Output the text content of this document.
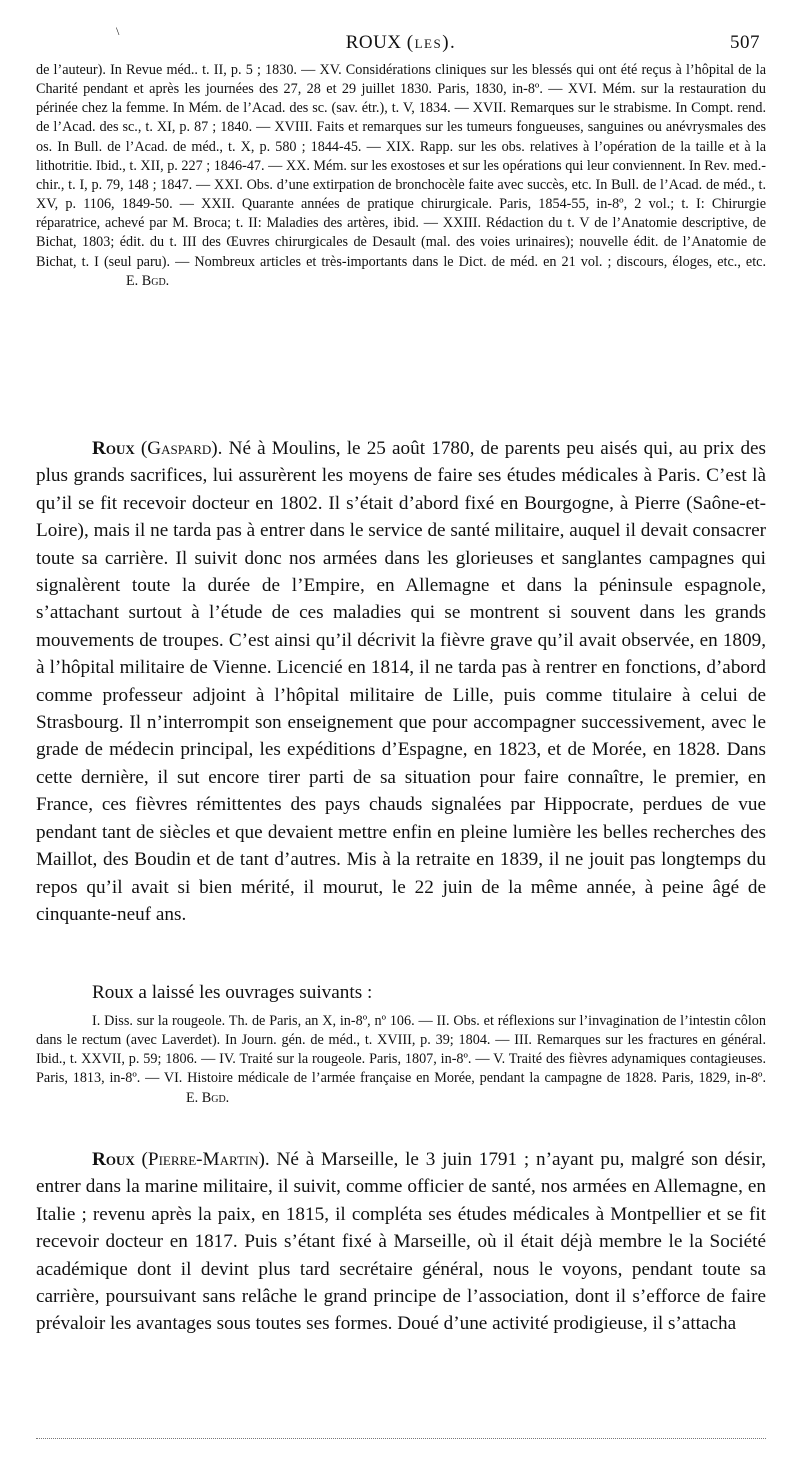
\
ROUX (les).	507

de l’auteur). In Revue méd.. t. II, p. 5 ; 1830. — XV. Considérations cliniques sur les blessés qui ont été reçus à l’hôpital de la Charité pendant et après les journées des 27, 28 et 29 juillet 1830. Paris, 1830, in-8º. — XVI. Mém. sur la restauration du périnée chez la femme. In Mém. de l’Acad. des sc. (sav. étr.), t. V, 1834. — XVII. Remarques sur le strabisme. In Compt. rend. de l’Acad. des sc., t. XI, p. 87 ; 1840. — XVIII. Faits et remarques sur les tumeurs fongueuses, sanguines ou anévrysmales des os. In Bull. de l’Acad. de méd., t. X, p. 580 ; 1844-45. — XIX. Rapp. sur les obs. relatives à l’opération de la taille et à la lithotritie. Ibid., t. XII, p. 227 ; 1846-47. — XX. Mém. sur les exostoses et sur les opérations qui leur conviennent. In Rev. med.-chir., t. I, p. 79, 148 ; 1847. — XXI. Obs. d’une extirpation de bronchocèle faite avec succès, etc. In Bull. de l’Acad. de méd., t. XV, p. 1106, 1849-50. — XXII. Quarante années de pratique chirurgicale. Paris, 1854-55, in-8º, 2 vol.; t. I: Chirurgie réparatrice, achevé par M. Broca; t. II: Maladies des artères, ibid. — XXIII. Rédaction du t. V de l’Anatomie descriptive, de Bichat, 1803; édit. du t. III des Œuvres chirurgicales de Desault (mal. des voies urinaires); nouvelle édit. de l’Anatomie de Bichat, t. I (seul paru). — Nombreux articles et très-importants dans le Dict. de méd. en 21 vol. ; discours, éloges, etc., etc. E. Bgd.

Roux (Gaspard). Né à Moulins, le 25 août 1780, de parents peu aisés qui, au prix des plus grands sacrifices, lui assurèrent les moyens de faire ses études médicales à Paris. C’est là qu’il se fit recevoir docteur en 1802. Il s’était d’abord fixé en Bourgogne, à Pierre (Saône-et-Loire), mais il ne tarda pas à entrer dans le service de santé militaire, auquel il devait consacrer toute sa carrière. Il suivit donc nos armées dans les glorieuses et sanglantes campagnes qui signalèrent toute la durée de l’Empire, en Allemagne et dans la péninsule espagnole, s’attachant surtout à l’étude de ces maladies qui se montrent si souvent dans les grands mouvements de troupes. C’est ainsi qu’il décrivit la fièvre grave qu’il avait observée, en 1809, à l’hôpital militaire de Vienne. Licencié en 1814, il ne tarda pas à rentrer en fonctions, d’abord comme professeur adjoint à l’hôpital militaire de Lille, puis comme titulaire à celui de Strasbourg. Il n’interrompit son enseignement que pour accompagner successivement, avec le grade de médecin principal, les expéditions d’Espagne, en 1823, et de Morée, en 1828. Dans cette dernière, il sut encore tirer parti de sa situation pour faire connaître, le premier, en France, ces fièvres rémittentes des pays chauds signalées par Hippocrate, perdues de vue pendant tant de siècles et que devaient mettre enfin en pleine lumière les belles recherches des Maillot, des Boudin et de tant d’autres. Mis à la retraite en 1839, il ne jouit pas longtemps du repos qu’il avait si bien mérité, il mourut, le 22 juin de la même année, à peine âgé de cinquante-neuf ans.

Roux a laissé les ouvrages suivants :

I. Diss. sur la rougeole. Th. de Paris, an X, in-8º, nº 106. — II. Obs. et réflexions sur l’invagination de l’intestin côlon dans le rectum (avec Laverdet). In Journ. gén. de méd., t. XVIII, p. 39; 1804. — III. Remarques sur les fractures en général. Ibid., t. XXVII, p. 59; 1806. — IV. Traité sur la rougeole. Paris, 1807, in-8º. — V. Traité des fièvres adynamiques contagieuses. Paris, 1813, in-8º. — VI. Histoire médicale de l’armée française en Morée, pendant la campagne de 1828. Paris, 1829, in-8º. E. Bgd.

Roux (Pierre-Martin). Né à Marseille, le 3 juin 1791 ; n’ayant pu, malgré son désir, entrer dans la marine militaire, il suivit, comme officier de santé, nos armées en Allemagne, en Italie ; revenu après la paix, en 1815, il compléta ses études médicales à Montpellier et se fit recevoir docteur en 1817. Puis s’étant fixé à Marseille, où il était déjà membre le la Société académique dont il devint plus tard secrétaire général, nous le voyons, pendant toute sa carrière, poursuivant sans relâche le grand principe de l’association, dont il s’efforce de faire prévaloir les avantages sous toutes ses formes. Doué d’une activité prodigieuse, il s’attacha
